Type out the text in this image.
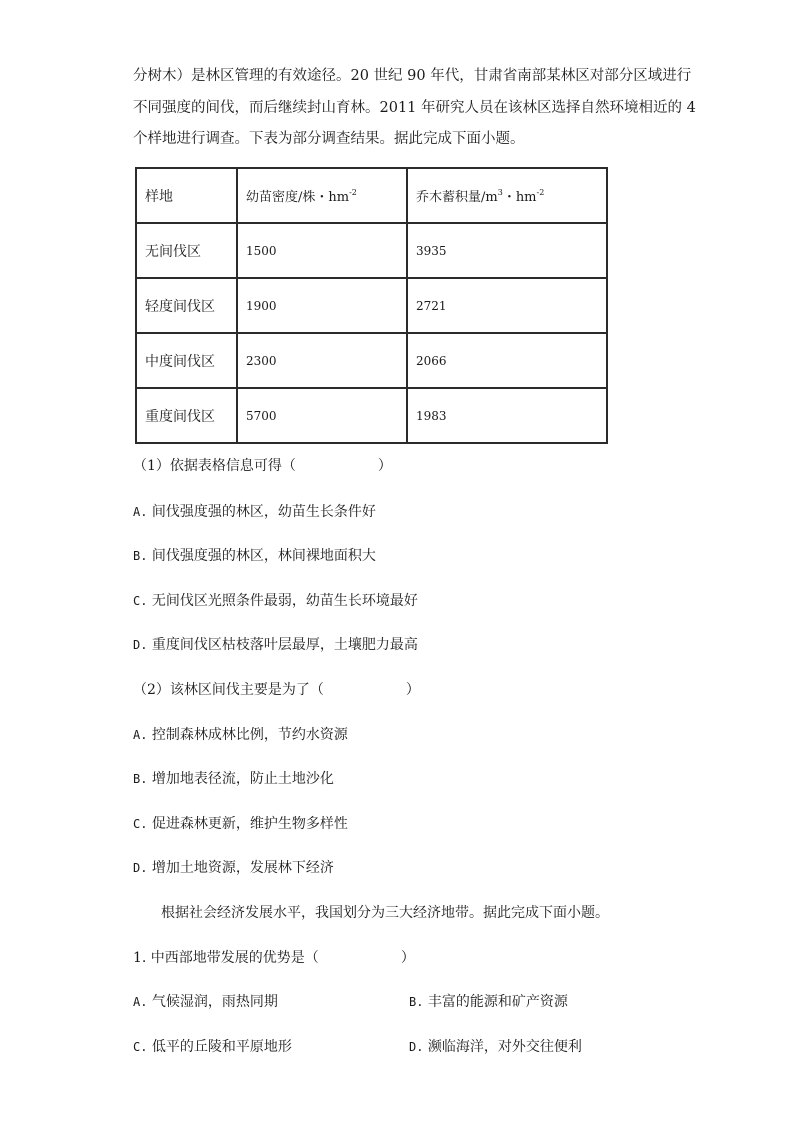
分树木）是林区管理的有效途径。20 世纪 90 年代，甘肃省南部某林区对部分区域进行
不同强度的间伐，而后继续封山育林。2011 年研究人员在该林区选择自然环境相近的 4
个样地进行调查。下表为部分调查结果。据此完成下面小题。
样地	幼苗密度/株・$hm^{-2}$	乔木蓄积量$/m^3$・$hm^{-2}$
无间伐区	1500	3935
轻度间伐区	1900	2721
中度间伐区	2300	2066
重度间伐区	5700	1983
（1）依据表格信息可得（	）
A. 间伐强度强的林区，幼苗生长条件好
B. 间伐强度强的林区，林间裸地面积大
C. 无间伐区光照条件最弱，幼苗生长环境最好
D. 重度间伐区枯枝落叶层最厚，土壤肥力最高
（2）该林区间伐主要是为了（	）
A. 控制森林成林比例，节约水资源
B. 增加地表径流，防止土地沙化
C. 促进森林更新，维护生物多样性
D. 增加土地资源，发展林下经济
根据社会经济发展水平，我国划分为三大经济地带。据此完成下面小题。
1. 中西部地带发展的优势是（	）
A. 气候湿润，雨热同期	B. 丰富的能源和矿产资源
C. 低平的丘陵和平原地形	D. 濒临海洋，对外交往便利
